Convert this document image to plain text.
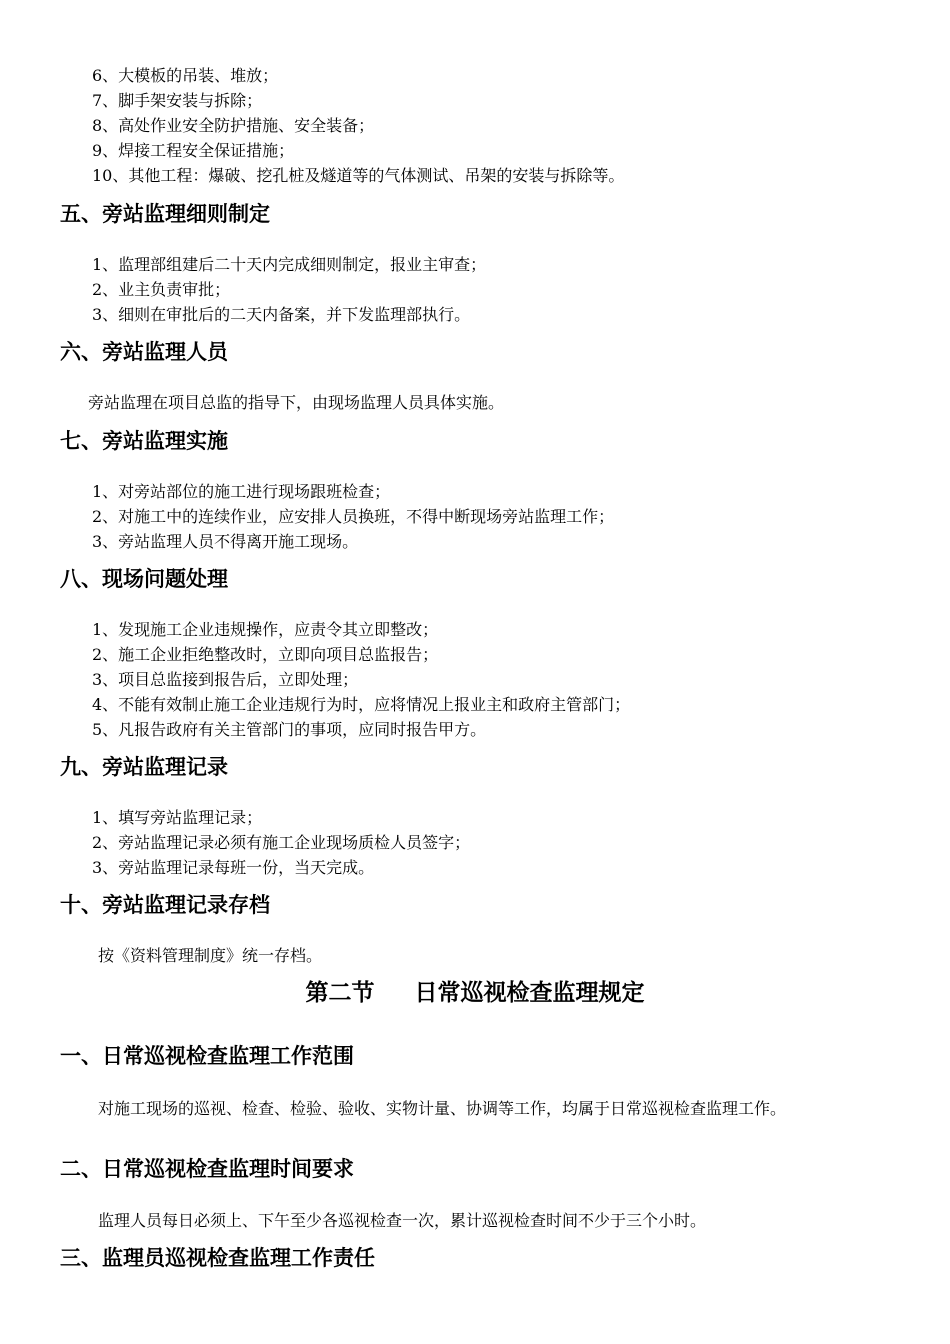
6、大模板的吊装、堆放；
7、脚手架安装与拆除；
8、高处作业安全防护措施、安全装备；
9、焊接工程安全保证措施；
10、其他工程：爆破、挖孔桩及燧道等的气体测试、吊架的安装与拆除等。
五、旁站监理细则制定
1、监理部组建后二十天内完成细则制定，报业主审查；
2、业主负责审批；
3、细则在审批后的二天内备案，并下发监理部执行。
六、旁站监理人员
旁站监理在项目总监的指导下，由现场监理人员具体实施。
七、旁站监理实施
1、对旁站部位的施工进行现场跟班检查；
2、对施工中的连续作业，应安排人员换班，不得中断现场旁站监理工作；
3、旁站监理人员不得离开施工现场。
八、现场问题处理
1、发现施工企业违规操作，应责令其立即整改；
2、施工企业拒绝整改时，立即向项目总监报告；
3、项目总监接到报告后，立即处理；
4、不能有效制止施工企业违规行为时，应将情况上报业主和政府主管部门；
5、凡报告政府有关主管部门的事项，应同时报告甲方。
九、旁站监理记录
1、填写旁站监理记录；
2、旁站监理记录必须有施工企业现场质检人员签字；
3、旁站监理记录每班一份，当天完成。
十、旁站监理记录存档
按《资料管理制度》统一存档。
第二节 日常巡视检查监理规定
一、日常巡视检查监理工作范围
对施工现场的巡视、检查、检验、验收、实物计量、协调等工作，均属于日常巡视检查监理工作。
二、日常巡视检查监理时间要求
监理人员每日必须上、下午至少各巡视检查一次，累计巡视检查时间不少于三个小时。
三、监理员巡视检查监理工作责任
